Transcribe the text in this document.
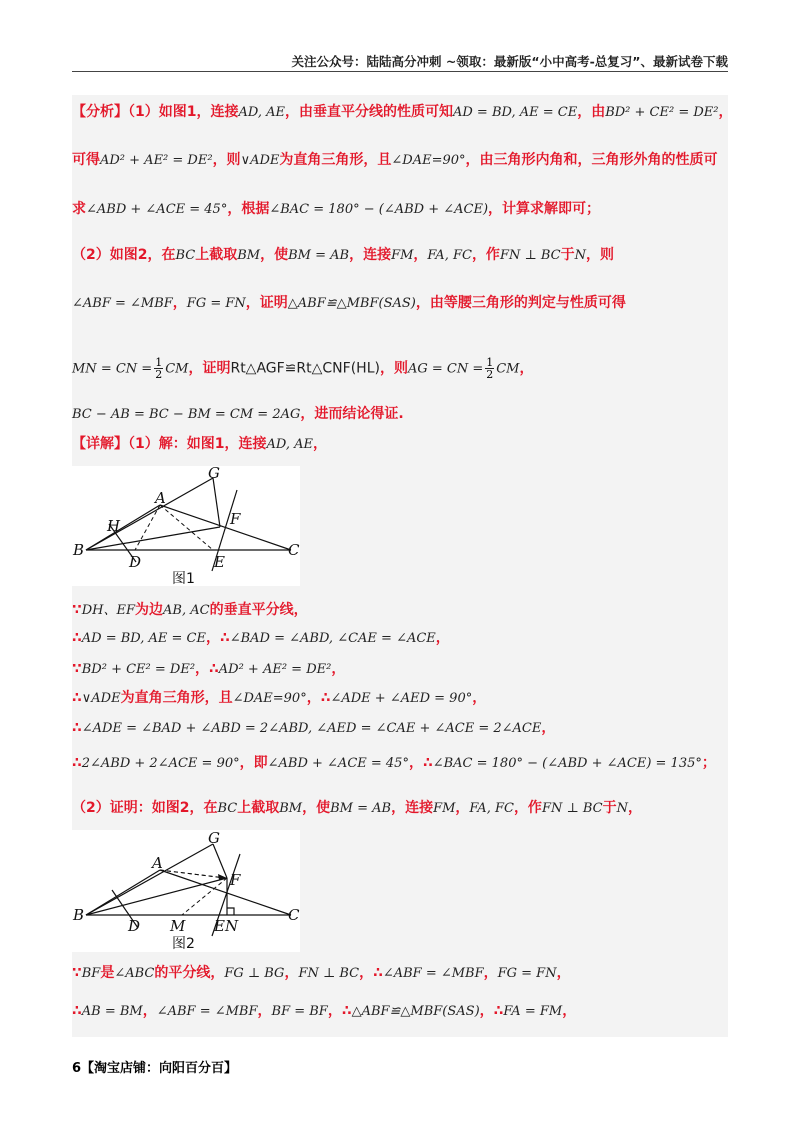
关注公众号：陆陆高分冲刺 ~领取：最新版“小中高考-总复习”、最新试卷下载
【分析】（1）如图1，连接AD, AE，由垂直平分线的性质可知AD = BD, AE = CE，由BD² + CE² = DE²，
可得AD² + AE² = DE²，则∨ADE为直角三角形，且∠DAE=90°，由三角形内角和，三角形外角的性质可
求∠ABD + ∠ACE = 45°，根据∠BAC = 180° − (∠ABD + ∠ACE)，计算求解即可；
（2）如图2，在BC上截取BM，使BM = AB，连接FM，FA, FC，作FN ⊥ BC于N，则
∠ABF = ∠MBF，FG = FN，证明△ABF≌△MBF(SAS)，由等腰三角形的判定与性质可得
MN = CN = $\frac{1}{2}$ CM，证明Rt△AGF≌Rt△CNF(HL)，则AG = CN = $\frac{1}{2}$ CM，
BC − AB = BC − BM = CM = 2AG，进而结论得证.
【详解】（1）解：如图1，连接AD, AE，
G
A
H	F
B
D	E
C
图1
∵DH、EF为边AB, AC的垂直平分线，
∴AD = BD, AE = CE，∴∠BAD = ∠ABD, ∠CAE = ∠ACE，
∵BD² + CE² = DE²，∴AD² + AE² = DE²，
∴∨ADE为直角三角形，且∠DAE=90°，∴∠ADE + ∠AED = 90°，
∴∠ADE = ∠BAD + ∠ABD = 2∠ABD, ∠AED = ∠CAE + ∠ACE = 2∠ACE，
∴2∠ABD + 2∠ACE = 90°，即∠ABD + ∠ACE = 45°，∴∠BAC = 180° − (∠ABD + ∠ACE) = 135°；
（2）证明：如图2，在BC上截取BM，使BM = AB，连接FM，FA, FC，作FN ⊥ BC于N，
G
A
F
B
D M E N
C
图2
∵BF是∠ABC的平分线，FG ⊥ BG，FN ⊥ BC，∴∠ABF = ∠MBF，FG = FN，
∴AB = BM，∠ABF = ∠MBF，BF = BF，∴△ABF≌△MBF(SAS)，∴FA = FM，
6【淘宝店铺：向阳百分百】
